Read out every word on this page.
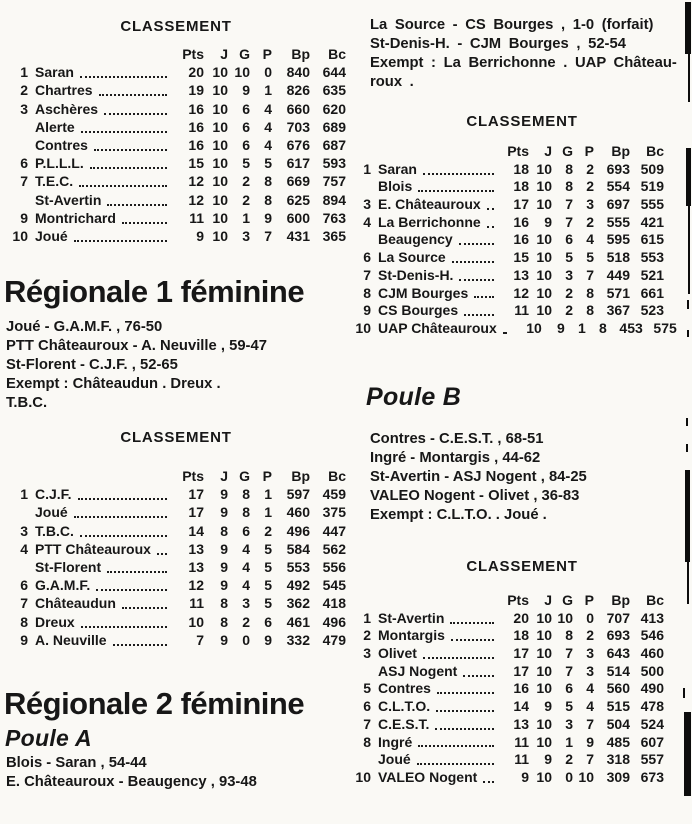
CLASSEMENT
Pts	J G P	Bp	Bc
1 Saran	20 10 10	0	840 644
2 Chartres	19 10	9	1	826 635
3 Aschères	16 10	6	4	660 620
Alerte	16 10	6	4	703 689
Contres	16 10	6	4	676 687
6 P.L.L.L.	15 10	5	5	617 593
7 T.E.C.	12 10	2	8	669 757
St-Avertin	12 10	2	8	625 894
9 Montrichard	11 10	1	9	600 763
10 Joué	9 10	3	7	431 365
Régionale 1 féminine
Joué - G.A.M.F. , 76-50
PTT Châteauroux - A. Neuville , 59-47
St-Florent - C.J.F. , 52-65
Exempt : Châteaudun . Dreux .
T.B.C.
CLASSEMENT
Pts	J G P	Bp	Bc
1 C.J.F.	17	9	8	1	597 459
Joué	17	9	8	1	460 375
3 T.B.C.	14	8	6	2	496 447
4 PTT Châteauroux	13	9	4	5	584 562
St-Florent	13	9	4	5	553 556
6 G.A.M.F.	12	9	4	5	492 545
7 Châteaudun	11	8	3	5	362 418
8 Dreux	10	8	2	6	461 496
9 A. Neuville	7	9	0	9	332 479
Régionale 2 féminine
Poule A
Blois - Saran , 54-44
E. Châteauroux - Beaugency , 93-48
La Source - CS Bourges , 1-0 (forfait)
St-Denis-H. - CJM Bourges , 52-54
Exempt : La Berrichonne . UAP Château-
roux .
CLASSEMENT
Pts	J G P	Bp	Bc
1 Saran	18 10 8 2 693 509
Blois	18 10 8 2 554 519
3 E. Châteauroux	17 10 7 3 697 555
4 La Berrichonne	16	9 7 2 555 421
Beaugency	16 10 6 4 595 615
6 La Source	15 10 5 5 518 553
7 St-Denis-H.	13 10 3 7 449 521
8 CJM Bourges	12 10 2 8 571 661
9 CS Bourges	11 10 2 8 367 523
10 UAP Châteauroux	10	9 1 8 453 575
Poule B
Contres - C.E.S.T. , 68-51
Ingré - Montargis , 44-62
St-Avertin - ASJ Nogent , 84-25
VALEO Nogent - Olivet , 36-83
Exempt : C.L.T.O. . Joué .
CLASSEMENT
Pts	J G P	Bp	Bc
1 St-Avertin	20 10 10 0 707 413
2 Montargis	18 10 8 2 693 546
3 Olivet	17 10 7 3 643 460
ASJ Nogent	17 10 7 3 514 500
5 Contres	16 10 6 4 560 490
6 C.L.T.O.	14	9 5 4 515 478
7 C.E.S.T.	13 10 3 7 504 524
8 Ingré	11 10 1 9 485 607
Joué	11	9 2 7 318 557
10 VALEO Nogent	9 10 0 10 309 673
